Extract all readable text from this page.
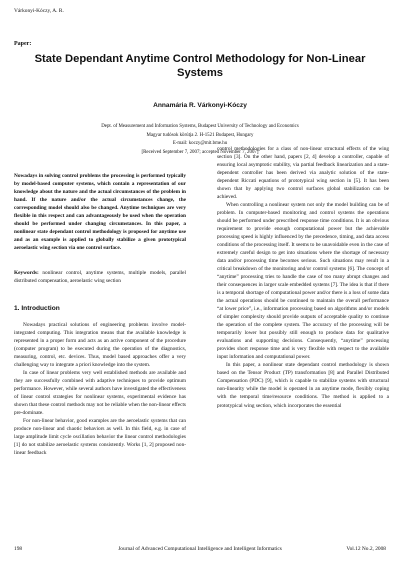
Várkonyi-Kóczy, A. R.
Paper:
State Dependant Anytime Control Methodology for Non-Linear Systems
Annamária R. Várkonyi-Kóczy
Dept. of Measurement and Information Systems, Budapest University of Technology and Economics
Magyar tudósok körútja 2. H-1521 Budapest, Hungary
E-mail: koczy@mit.bme.hu
[Received September 7, 2007; accepted November 7, 2007]

Nowadays in solving control problems the processing is performed typically by model-based computer systems, which contain a representation of our knowledge about the nature and the actual circumstances of the problem in hand. If the nature and/or the actual circumstances change, the corresponding model should also be changed. Anytime techniques are very flexible in this respect and can advantageously be used when the operation should be performed under changing circumstances. In this paper, a nonlinear state dependant control methodology is proposed for anytime use and as an example is applied to globally stabilize a given prototypical aeroelastic wing section via one control surface.

Keywords: nonlinear control, anytime systems, multiple models, parallel distributed compensation, aeroelastic wing section

1. Introduction

Nowadays practical solutions of engineering problems involve model-integrated computing. This integration means that the available knowledge is represented in a proper form and acts as an active component of the procedure (computer program) to be executed during the operation of the diagnostics, measuring, control, etc. devices. Thus, model based approaches offer a very challenging way to integrate a priori knowledge into the system.

In case of linear problems very well established methods are available and they are successfully combined with adaptive techniques to provide optimum performance. However, while several authors have investigated the effectiveness of linear control strategies for nonlinear systems, experimental evidence has shown that these control methods may not be reliable when the non-linear effects pre-dominate.

For non-linear behavior, good examples are the aeroelastic systems that can produce non-linear and chaotic behaviors as well. In this field, e.g. in case of large amplitude limit cycle oscillation behavior the linear control methodologies [1] do not stabilize aeroelastic systems consistently. Works [1, 2] proposed non-linear feedback

control methodologies for a class of non-linear structural effects of the wing section [3]. On the other hand, papers [2, 4] develop a controller, capable of ensuring local asymptotic stability, via partial feedback linearization and a state-dependent controller has been derived via analytic solution of the state-dependent Riccati equations of prototypical wing section in [5]. It has been shown that by applying two control surfaces global stabilization can be achieved.

When controlling a nonlinear system not only the model building can be of problem. In computer-based monitoring and control systems the operations should be performed under prescribed response time conditions. It is an obvious requirement to provide enough computational power but the achievable processing speed is highly influenced by the precedence, timing, and data access conditions of the processing itself. It seems to be unavoidable even in the case of extremely careful design to get into situations where the shortage of necessary data and/or processing time becomes serious. Such situations may result in a critical breakdown of the monitoring and/or control systems [6]. The concept of “anytime” processing tries to handle the case of too many abrupt changes and their consequences in larger scale embedded systems [7]. The idea is that if there is a temporal shortage of computational power and/or there is a loss of some data the actual operations should be continued to maintain the overall performance “at lower price”, i.e., information processing based on algorithms and/or models of simpler complexity should provide outputs of acceptable quality to continue the operation of the complete system. The accuracy of the processing will be temporarily lower but possibly still enough to produce data for qualitative evaluations and supporting decisions. Consequently, “anytime” processing provides short response time and is very flexible with respect to the available input information and computational power.

In this paper, a nonlinear state dependant control methodology is shown based on the Tensor Product (TP) transformation [8] and Parallel Distributed Compensation (PDC) [9], which is capable to stabilize systems with structural non-linearity while the model is operated in an anytime mode, flexibly coping with the temporal time/resource conditions. The method is applied to a prototypical wing section, which incorporates the essential

198	Journal of Advanced Computational Intelligence and Intelligent Informatics	Vol.12 No.2, 2008
